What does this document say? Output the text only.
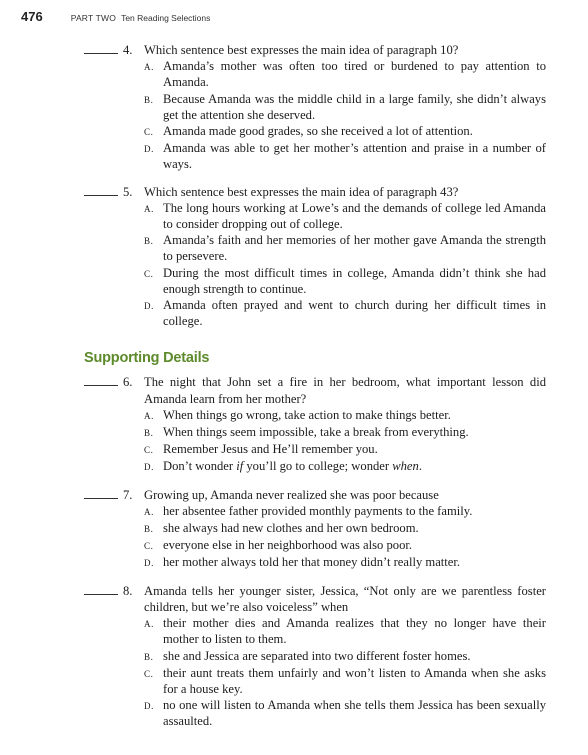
476	PART TWO Ten Reading Selections
4. Which sentence best expresses the main idea of paragraph 10?
A. Amanda’s mother was often too tired or burdened to pay attention to Amanda.
B. Because Amanda was the middle child in a large family, she didn’t always get the attention she deserved.
C. Amanda made good grades, so she received a lot of attention.
D. Amanda was able to get her mother’s attention and praise in a number of ways.
5. Which sentence best expresses the main idea of paragraph 43?
A. The long hours working at Lowe’s and the demands of college led Amanda to consider dropping out of college.
B. Amanda’s faith and her memories of her mother gave Amanda the strength to persevere.
C. During the most difficult times in college, Amanda didn’t think she had enough strength to continue.
D. Amanda often prayed and went to church during her difficult times in college.
Supporting Details
6. The night that John set a fire in her bedroom, what important lesson did Amanda learn from her mother?
A. When things go wrong, take action to make things better.
B. When things seem impossible, take a break from everything.
C. Remember Jesus and He’ll remember you.
D. Don’t wonder if you’ll go to college; wonder when.
7. Growing up, Amanda never realized she was poor because
A. her absentee father provided monthly payments to the family.
B. she always had new clothes and her own bedroom.
C. everyone else in her neighborhood was also poor.
D. her mother always told her that money didn’t really matter.
8. Amanda tells her younger sister, Jessica, “Not only are we parentless foster children, but we’re also voiceless” when
A. their mother dies and Amanda realizes that they no longer have their mother to listen to them.
B. she and Jessica are separated into two different foster homes.
C. their aunt treats them unfairly and won’t listen to Amanda when she asks for a house key.
D. no one will listen to Amanda when she tells them Jessica has been sexually assaulted.
